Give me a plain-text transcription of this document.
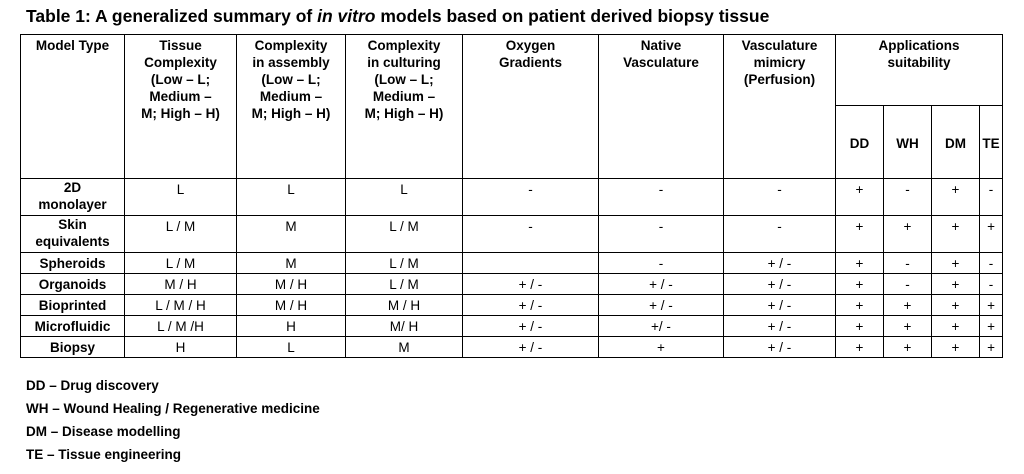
Table 1: A generalized summary of in vitro models based on patient derived biopsy tissue
Model Type	Tissue
Complexity
(Low – L;
Medium –
M; High – H)	Complexity
in assembly
(Low – L;
Medium –
M; High – H)	Complexity
in culturing
(Low – L;
Medium –
M; High – H)	Oxygen
Gradients	Native
Vasculature	Vasculature
mimicry
(Perfusion)	Applications
suitability			
							DD	WH	DM	TE
2D
monolayer	L	L	L	-	-	-	+	-	+	-
Skin
equivalents	L / M	M	L / M	-	-	-	+	+	+	+
Spheroids	L / M	M	L / M		-	+ / -	+	-	+	-
Organoids	M / H	M / H	L / M	+ / -	+ / -	+ / -	+	-	+	-
Bioprinted	L / M / H	M / H	M / H	+ / -	+ / -	+ / -	+	+	+	+
Microfluidic	L / M /H	H	M/ H	+ / -	+/ -	+ / -	+	+	+	+
Biopsy	H	L	M	+ / -	+	+ / -	+	+	+	+
DD – Drug discovery
WH – Wound Healing / Regenerative medicine
DM – Disease modelling
TE – Tissue engineering
